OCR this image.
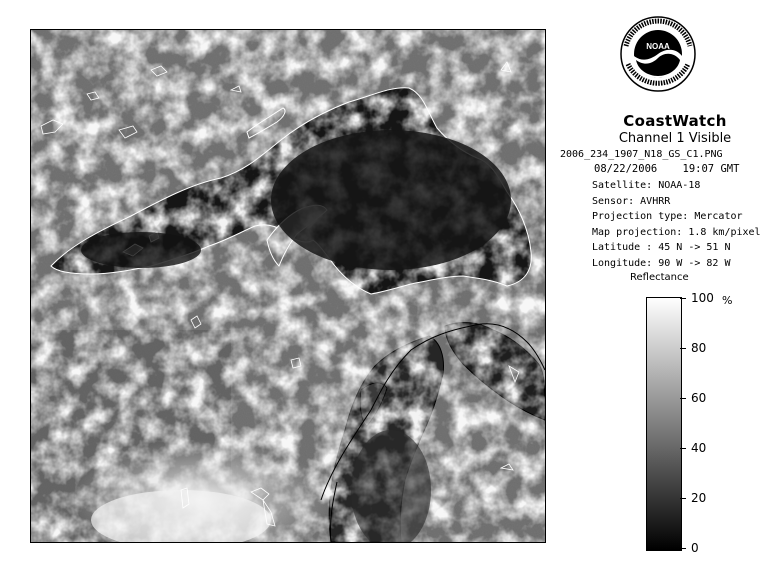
NOAA
CoastWatch
Channel 1 Visible
2006_234_1907_N18_GS_C1.PNG
08/22/2006 19:07 GMT
Satellite: NOAA-18
Sensor: AVHRR
Projection type: Mercator
Map projection: 1.8 km/pixel
Latitude : 45 N -> 51 N
Longitude: 90 W -> 82 W
Reflectance
%
100
80
60
40
20
0
